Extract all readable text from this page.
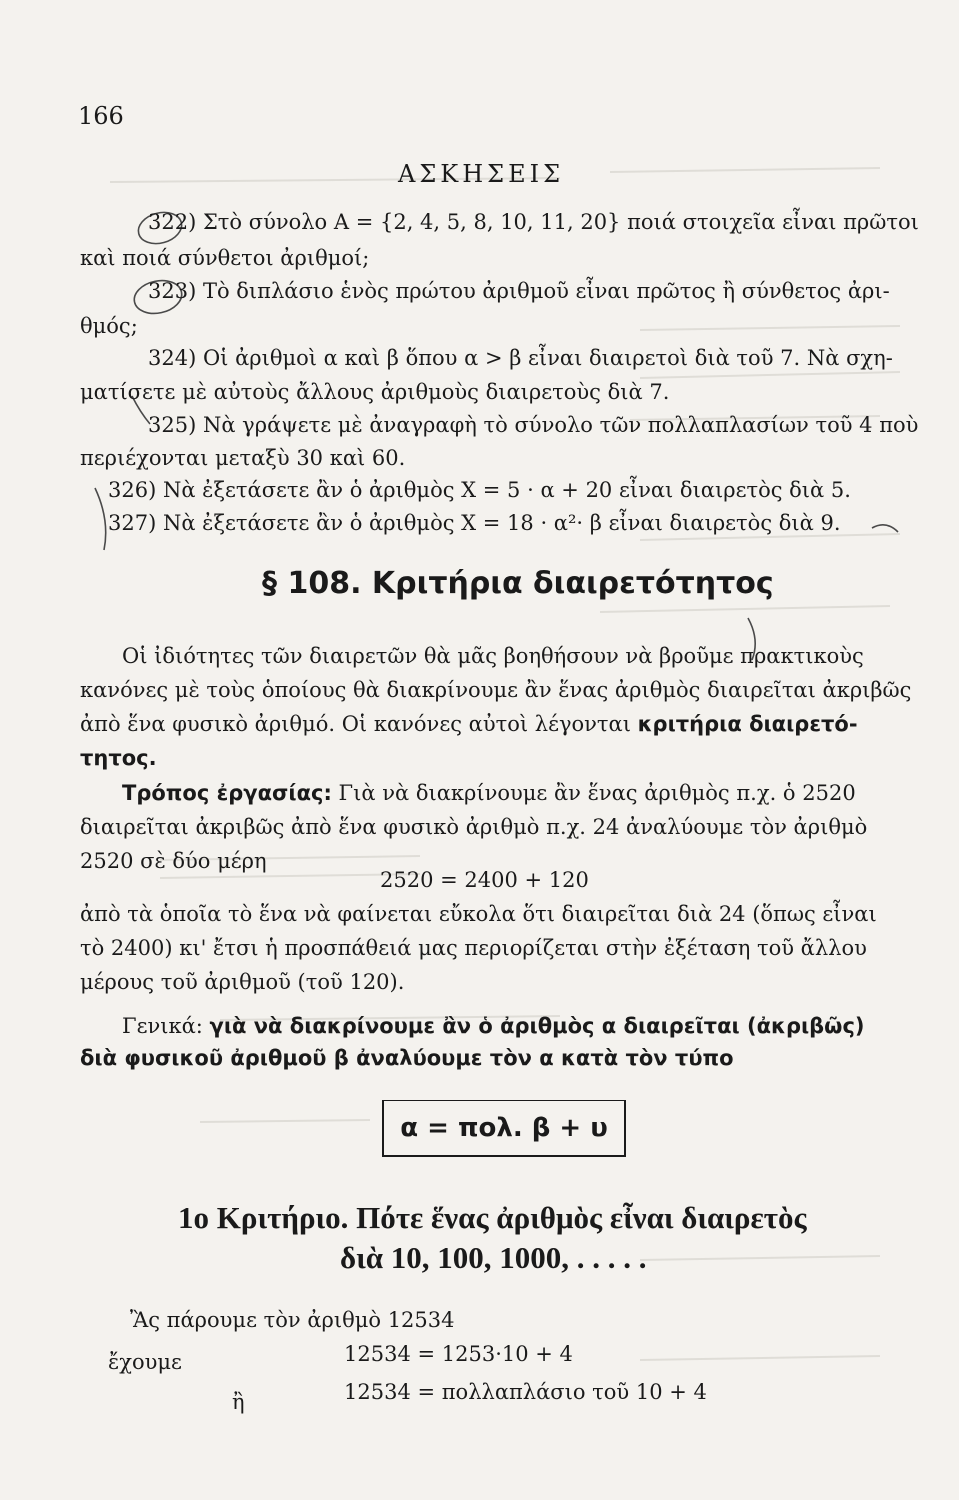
166
ΑΣΚΗΣΕΙΣ
322) Στὸ σύνολο Α = {2, 4, 5, 8, 10, 11, 20} ποιά στοιχεῖα εἶναι πρῶτοι
καὶ ποιά σύνθετοι ἀριθμοί;
323) Τὸ διπλάσιο ἑνὸς πρώτου ἀριθμοῦ εἶναι πρῶτος ἢ σύνθετος ἀρι-
θμός;
324) Οἱ ἀριθμοὶ α καὶ β ὅπου α > β εἶναι διαιρετοὶ διὰ τοῦ 7. Νὰ σχη-
ματίσετε μὲ αὐτοὺς ἄλλους ἀριθμοὺς διαιρετοὺς διὰ 7.
325) Νὰ γράψετε μὲ ἀναγραφὴ τὸ σύνολο τῶν πολλαπλασίων τοῦ 4 ποὺ
περιέχονται μεταξὺ 30 καὶ 60.
326) Νὰ ἐξετάσετε ἂν ὁ ἀριθμὸς Χ = 5 · α + 20 εἶναι διαιρετὸς διὰ 5.
327) Νὰ ἐξετάσετε ἂν ὁ ἀριθμὸς Χ = 18 · α²· β εἶναι διαιρετὸς διὰ 9.
§ 108. Κριτήρια διαιρετότητος
Οἱ ἰδιότητες τῶν διαιρετῶν θὰ μᾶς βοηθήσουν νὰ βροῦμε πρακτικοὺς
κανόνες μὲ τοὺς ὁποίους θὰ διακρίνουμε ἂν ἕνας ἀριθμὸς διαιρεῖται ἀκριβῶς
ἀπὸ ἕνα φυσικὸ ἀριθμό. Οἱ κανόνες αὐτοὶ λέγονται κριτήρια διαιρετό-
τητος.
Τρόπος ἐργασίας: Γιὰ νὰ διακρίνουμε ἂν ἕνας ἀριθμὸς π.χ. ὁ 2520
διαιρεῖται ἀκριβῶς ἀπὸ ἕνα φυσικὸ ἀριθμὸ π.χ. 24 ἀναλύουμε τὸν ἀριθμὸ
2520 σὲ δύο μέρη
2520 = 2400 + 120
ἀπὸ τὰ ὁποῖα τὸ ἕνα νὰ φαίνεται εὔκολα ὅτι διαιρεῖται διὰ 24 (ὅπως εἶναι
τὸ 2400) κι' ἔτσι ἡ προσπάθειά μας περιορίζεται στὴν ἐξέταση τοῦ ἄλλου
μέρους τοῦ ἀριθμοῦ (τοῦ 120).
Γενικά: γιὰ νὰ διακρίνουμε ἂν ὁ ἀριθμὸς α διαιρεῖται (ἀκριβῶς)
διὰ φυσικοῦ ἀριθμοῦ β ἀναλύουμε τὸν α κατὰ τὸν τύπο
α = πολ. β + υ
1ο Κριτήριο. Πότε ἕνας ἀριθμὸς εἶναι διαιρετὸς
διὰ 10, 100, 1000, . . . . .
Ἂς πάρουμε τὸν ἀριθμὸ 12534
ἔχουμε	12534 = 1253·10 + 4
ἢ	12534 = πολλαπλάσιο τοῦ 10 + 4
